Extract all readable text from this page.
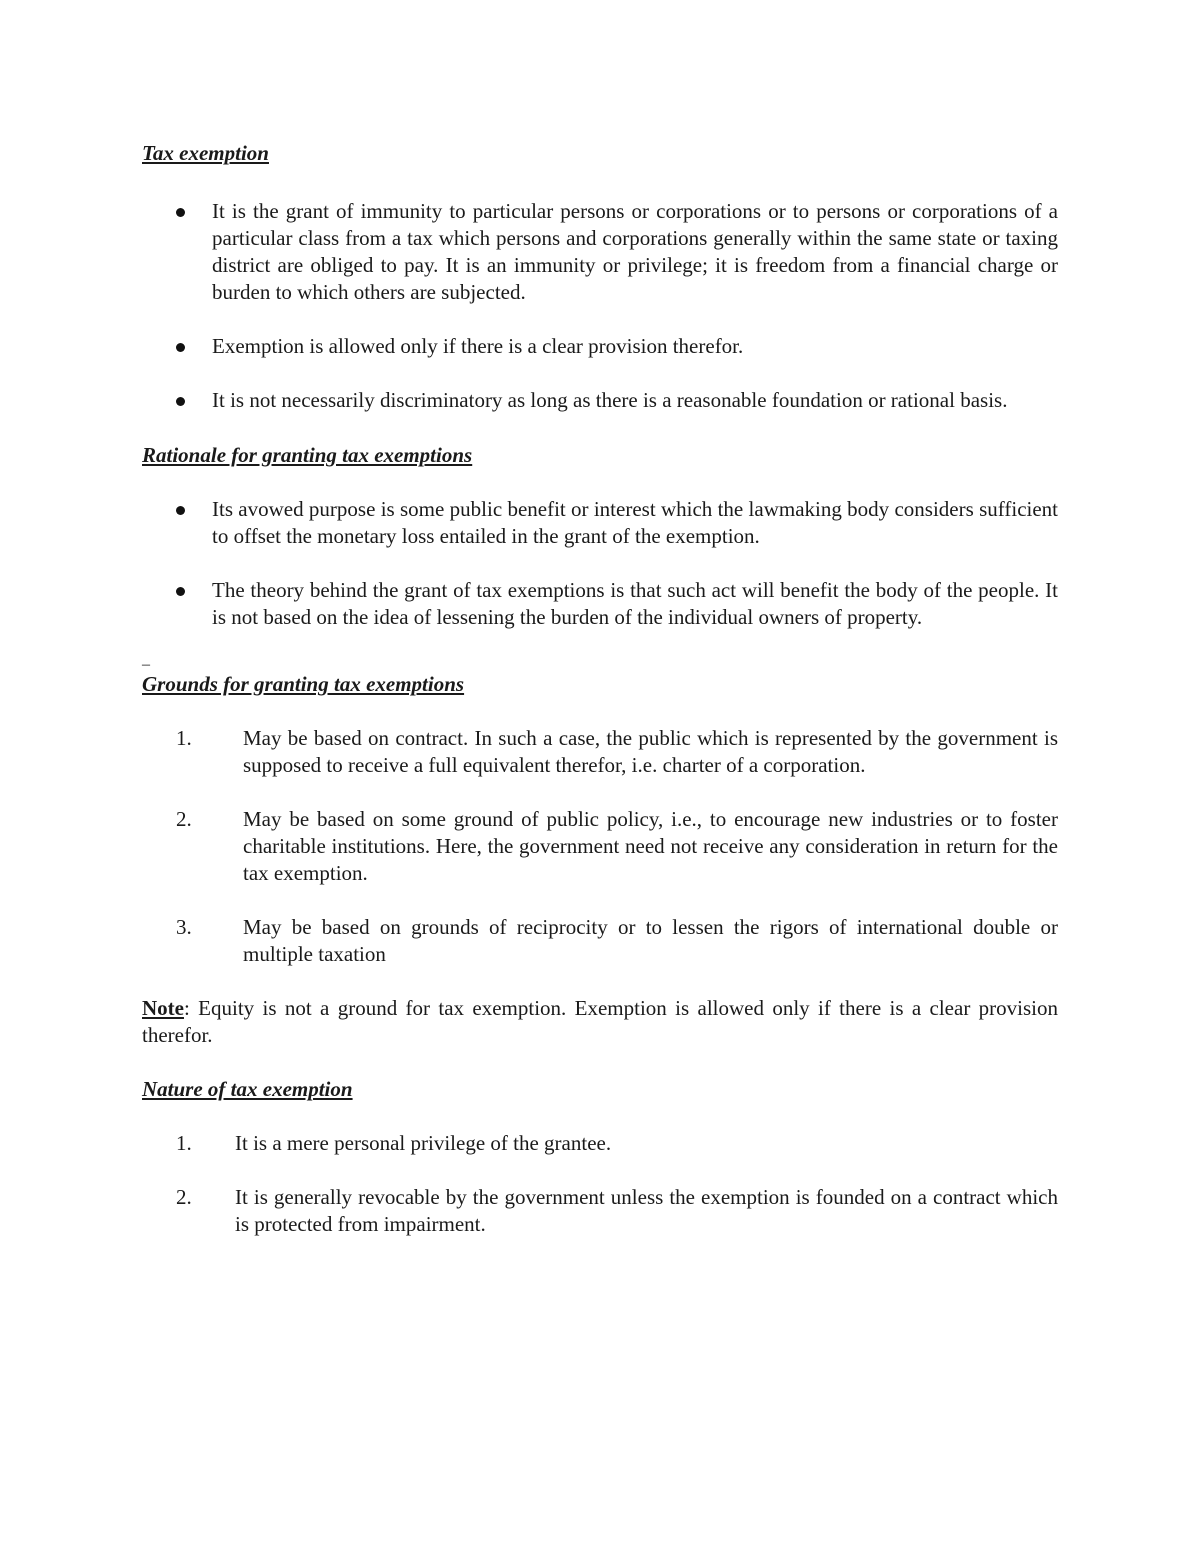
Tax exemption

It is the grant of immunity to particular persons or corporations or to persons or corporations of a particular class from a tax which persons and corporations generally within the same state or taxing district are obliged to pay. It is an immunity or privilege; it is freedom from a financial charge or burden to which others are subjected.
Exemption is allowed only if there is a clear provision therefor.
It is not necessarily discriminatory as long as there is a reasonable foundation or rational basis.

Rationale for granting tax exemptions

Its avowed purpose is some public benefit or interest which the lawmaking body considers sufficient to offset the monetary loss entailed in the grant of the exemption.
The theory behind the grant of tax exemptions is that such act will benefit the body of the people. It is not based on the idea of lessening the burden of the individual owners of property.
–

Grounds for granting tax exemptions

1. May be based on contract. In such a case, the public which is represented by the government is supposed to receive a full equivalent therefor, i.e. charter of a corporation.
2. May be based on some ground of public policy, i.e., to encourage new industries or to foster charitable institutions. Here, the government need not receive any consideration in return for the tax exemption.
3. May be based on grounds of reciprocity or to lessen the rigors of international double or multiple taxation

Note: Equity is not a ground for tax exemption. Exemption is allowed only if there is a clear provision therefor.

Nature of tax exemption

1. It is a mere personal privilege of the grantee.
2. It is generally revocable by the government unless the exemption is founded on a contract which is protected from impairment.
